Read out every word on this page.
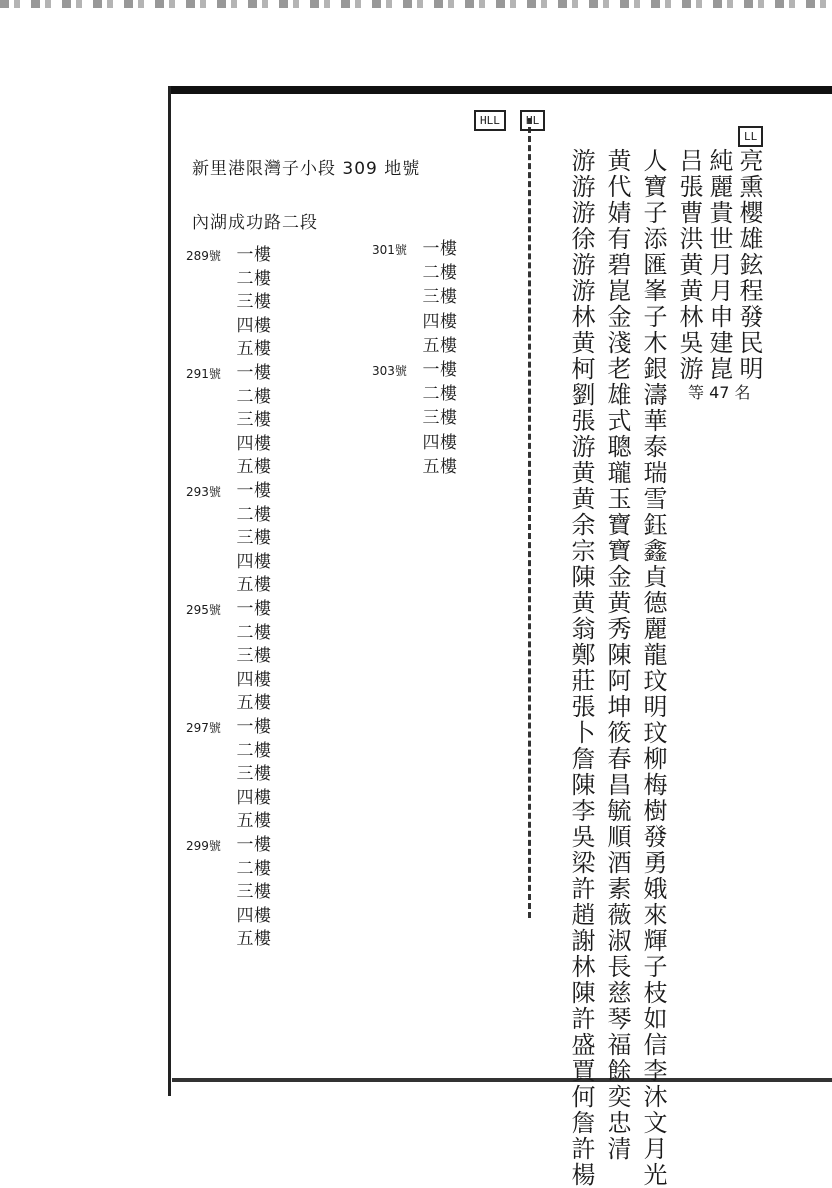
HLL	HL
LL
新里港限灣子小段 309 地號
內湖成功路二段
289號 一樓
二樓
三樓
四樓
五樓
291號 一樓
二樓
三樓
四樓
五樓
293號 一樓
二樓
三樓
四樓
五樓
295號 一樓
二樓
三樓
四樓
五樓
297號 一樓
二樓
三樓
四樓
五樓
299號 一樓
二樓
三樓
四樓
五樓
301號 一樓
二樓
三樓
四樓
五樓
303號 一樓
二樓
三樓
四樓
五樓	游游游徐游游林黄柯劉張游黄黄余宗陳黄翁鄭莊張卜詹陳李吳梁許趙謝林陳許盛賈何詹許楊 黄代婧有碧崑金淺老雄式聰瓏玉寶寶金黄秀陳阿坤筱春昌毓順酒素薇淑長慈琴福餘奕忠清 人寶子添匯峯子木銀濤華泰瑞雪鈺鑫貞德麗龍玟明玟柳梅樹發勇娥來輝子枝如信李沐文月光 吕張曹洪黄黄林吳游 純麗貴世月月申建崑 亮熏櫻雄鉉程發民明
等 47 名
